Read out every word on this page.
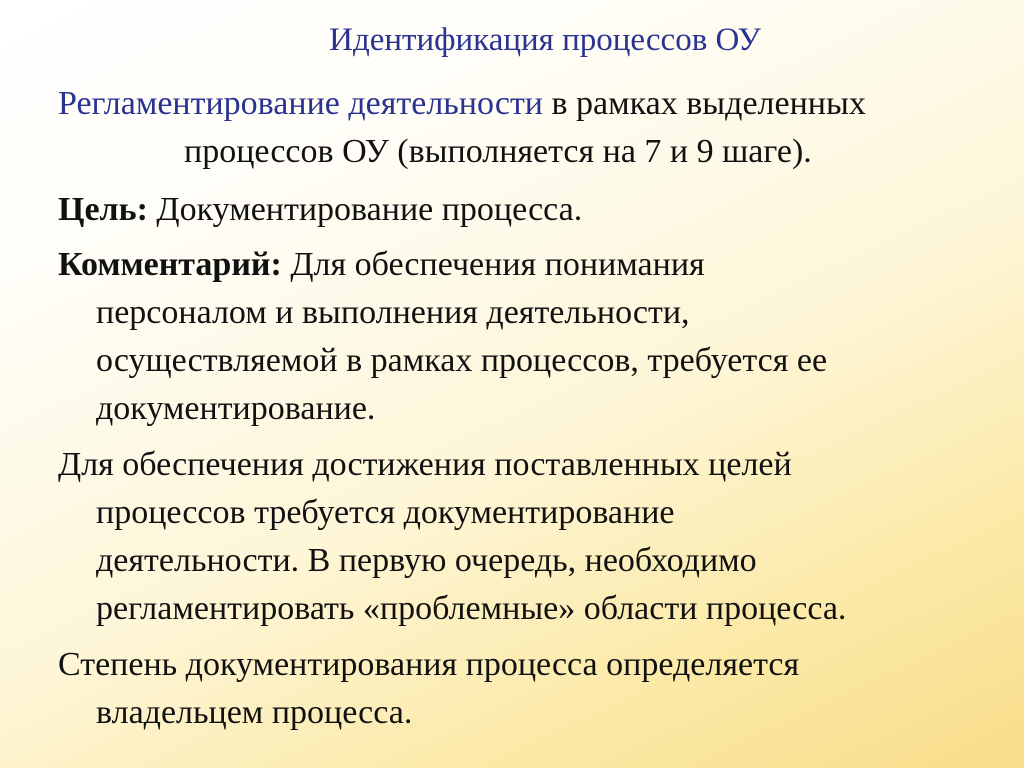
Идентификация процессов ОУ
Регламентирование деятельности в рамках выделенных
процессов ОУ (выполняется на 7 и 9 шаге).
Цель: Документирование процесса.
Комментарий: Для обеспечения понимания
персоналом и выполнения деятельности,
осуществляемой в рамках процессов, требуется ее
документирование.
Для обеспечения достижения поставленных целей
процессов требуется документирование
деятельности. В первую очередь, необходимо
регламентировать «проблемные» области процесса.
Степень документирования процесса определяется
владельцем процесса.
